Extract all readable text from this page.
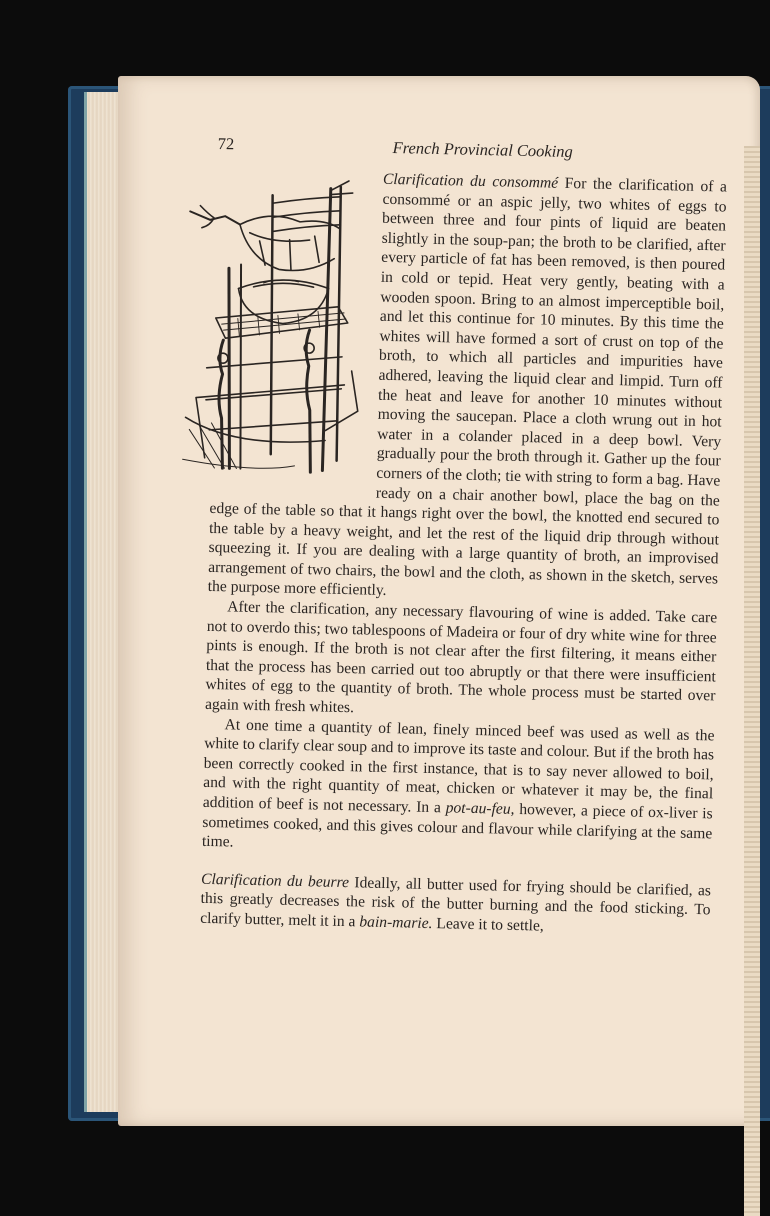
72	French Provincial Cooking

Clarification du consommé For the clarification of a consommé or an aspic jelly, two whites of eggs to between three and four pints of liquid are beaten slightly in the soup-pan; the broth to be clarified, after every particle of fat has been removed, is then poured in cold or tepid. Heat very gently, beating with a wooden spoon. Bring to an almost imperceptible boil, and let this continue for 10 minutes. By this time the whites will have formed a sort of crust on top of the broth, to which all particles and impurities have adhered, leaving the liquid clear and limpid. Turn off the heat and leave for another 10 minutes without moving the saucepan. Place a cloth wrung out in hot water in a colander placed in a deep bowl. Very gradually pour the broth through it. Gather up the four corners of the cloth; tie with string to form a bag. Have ready on a chair another bowl, place the bag on the edge of the table so that it hangs right over the bowl, the knotted end secured to the table by a heavy weight, and let the rest of the liquid drip through without squeezing it. If you are dealing with a large quantity of broth, an improvised arrangement of two chairs, the bowl and the cloth, as shown in the sketch, serves the purpose more efficiently.

After the clarification, any necessary flavouring of wine is added. Take care not to overdo this; two tablespoons of Madeira or four of dry white wine for three pints is enough. If the broth is not clear after the first filtering, it means either that the process has been carried out too abruptly or that there were insufficient whites of egg to the quantity of broth. The whole process must be started over again with fresh whites.

At one time a quantity of lean, finely minced beef was used as well as the white to clarify clear soup and to improve its taste and colour. But if the broth has been correctly cooked in the first instance, that is to say never allowed to boil, and with the right quantity of meat, chicken or whatever it may be, the final addition of beef is not necessary. In a pot-au-feu, however, a piece of ox-liver is sometimes cooked, and this gives colour and flavour while clarifying at the same time.

Clarification du beurre Ideally, all butter used for frying should be clarified, as this greatly decreases the risk of the butter burning and the food sticking. To clarify butter, melt it in a bain-marie. Leave it to settle,
